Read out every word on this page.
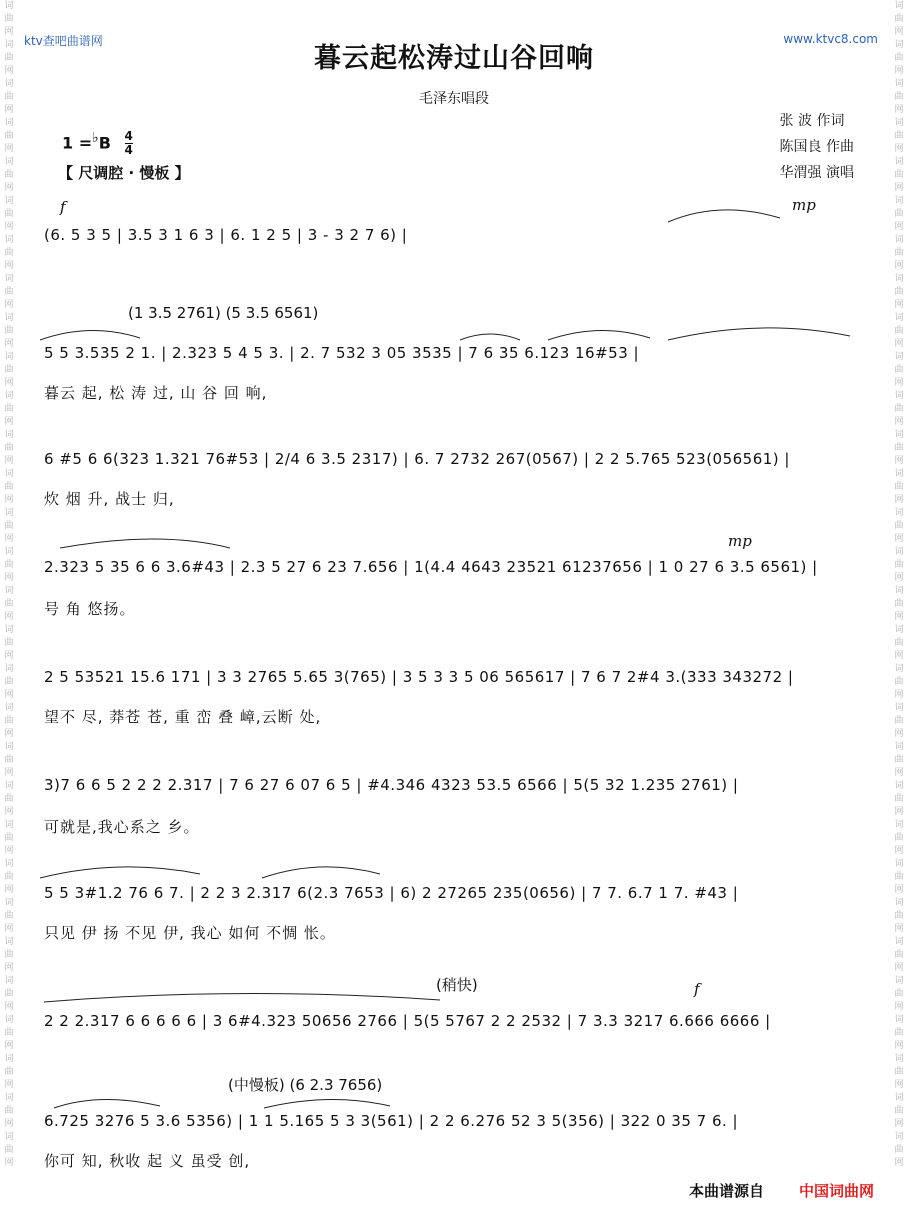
词曲网词曲网词曲网词曲网词曲网词曲网词曲网词曲网词曲网词曲网词曲网词曲网词曲网词曲网词曲网词曲网词曲网词曲网词曲网词曲网词曲网词曲网词曲网词曲网词曲网词曲网词曲网词曲网词曲网词曲网
词曲网词曲网词曲网词曲网词曲网词曲网词曲网词曲网词曲网词曲网词曲网词曲网词曲网词曲网词曲网词曲网词曲网词曲网词曲网词曲网词曲网词曲网词曲网词曲网词曲网词曲网词曲网词曲网词曲网词曲网
ktv查吧曲谱网	www.ktvc8.com
暮云起松涛过山谷回响
毛泽东唱段
张 波 作词
陈国良 作曲
华渭强 演唱
1 =♭B $\frac{4}{4}$
【 尺调腔 · 慢板 】
f	mp
(6. 5 3 5 | 3.5 3 1 6 3 | 6. 1 2 5 | 3 - 3 2 7 6) |
(1 3.5 2761) (5 3.5 6561)
5 5 3.535 2 1. | 2.323 5 4 5 3. | 2. 7 532 3 05 3535 | 7 6 35 6.123 16#53 |
暮云 起, 松 涛 过, 山 谷 回 响,
6 #5 6 6(323 1.321 76#53 | 2/4 6 3.5 2317) | 6. 7 2732 267(0567) | 2 2 5.765 523(056561) |
炊 烟 升, 战士 归,
mp
2.323 5 35 6 6 3.6#43 | 2.3 5 27 6 23 7.656 | 1(4.4 4643 23521 61237656 | 1 0 27 6 3.5 6561) |
号 角 悠扬。
2 5 53521 15.6 171 | 3 3 2765 5.65 3(765) | 3 5 3 3 5 06 565617 | 7 6 7 2#4 3.(333 343272 |
望不 尽, 莽苍 苍, 重 峦 叠 嶂,云断 处,
3)7 6 6 5 2 2 2 2.317 | 7 6 27 6 07 6 5 | #4.346 4323 53.5 6566 | 5(5 32 1.235 2761) |
可就是,我心系之 乡。
5 5 3#1.2 76 6 7. | 2 2 3 2.317 6(2.3 7653 | 6) 2 27265 235(0656) | 7 7. 6.7 1 7. #43 |
只见 伊 扬 不见 伊, 我心 如何 不惆 怅。
(稍快)	f
2 2 2.317 6 6 6 6 6 | 3 6#4.323 50656 2766 | 5(5 5767 2 2 2532 | 7 3.3 3217 6.666 6666 |
(中慢板) (6 2.3 7656)
6.725 3276 5 3.6 5356) | 1 1 5.165 5 3 3(561) | 2 2 6.276 52 3 5(356) | 322 0 35 7 6. |
你可 知, 秋收 起 义 虽受 创,
本曲谱源自 中国词曲网
